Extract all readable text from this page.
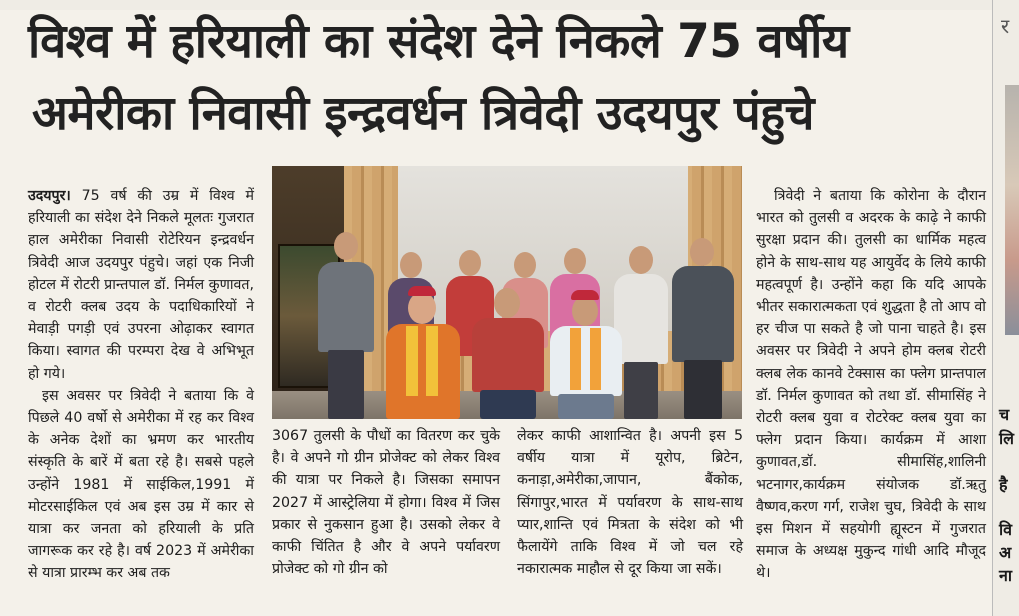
विश्व में हरियाली का संदेश देने निकले 75 वर्षीय
अमेरीका निवासी इन्द्रवर्धन त्रिवेदी उदयपुर पंहुचे

उदयपुर। 75 वर्ष की उम्र में विश्व में हरियाली का संदेश देने निकले मूलतः गुजरात हाल अमेरीका निवासी रोटेरियन इन्द्रवर्धन त्रिवेदी आज उदयपुर पंहुचे। जहां एक निजी होटल में रोटरी प्रान्तपाल डॉ. निर्मल कुणावत, व रोटरी क्लब उदय के पदाधिकारियों ने मेवाड़ी पगड़ी एवं उपरना ओढ़ाकर स्वागत किया। स्वागत की परम्परा देख वे अभिभूत हो गये।

इस अवसर पर त्रिवेदी ने बताया कि वे पिछले 40 वर्षो से अमेरीका में रह कर विश्व के अनेक देशों का भ्रमण कर भारतीय संस्कृति के बारें में बता रहे है। सबसे पहले उन्होंने 1981 में साईकिल,1991 में मोटरसाईकिल एवं अब इस उम्र में कार से यात्रा कर जनता को हरियाली के प्रति जागरूक कर रहे है। वर्ष 2023 में अमेरीका से यात्रा प्रारम्भ कर अब तक

3067 तुलसी के पौधों का वितरण कर चुके है। वे अपने गो ग्रीन प्रोजेक्ट को लेकर विश्व की यात्रा पर निकले है। जिसका समापन 2027 में आस्ट्रेलिया में होगा। विश्व में जिस प्रकार से नुकसान हुआ है। उसको लेकर वे काफी चिंतित है और वे अपने पर्यावरण प्रोजेक्ट को गो ग्रीन को
लेकर काफी आशान्वित है। अपनी इस 5 वर्षीय यात्रा में यूरोप, ब्रिटेन, कनाड़ा,अमेरीका,जापान, बैंकोक, सिंगापुर,भारत में पर्यावरण के साथ-साथ प्यार,शान्ति एवं मित्रता के संदेश को भी फैलायेंगे ताकि विश्व में जो चल रहे नकारात्मक माहौल से दूर किया जा सकें।

त्रिवेदी ने बताया कि कोरोना के दौरान भारत को तुलसी व अदरक के काढ़े ने काफी सुरक्षा प्रदान की। तुलसी का धार्मिक महत्व होने के साथ-साथ यह आयुर्वेद के लिये काफी महत्वपूर्ण है। उन्होंने कहा कि यदि आपके भीतर सकारात्मकता एवं शुद्धता है तो आप वो हर चीज पा सकते है जो पाना चाहते है। इस अवसर पर त्रिवेदी ने अपने होम क्लब रोटरी क्लब लेक कानवे टेक्सास का फ्लेग प्रान्तपाल डॉ. निर्मल कुणावत को तथा डॉ. सीमासिंह ने रोटरी क्लब युवा व रोटरेक्ट क्लब युवा का फ्लेग प्रदान किया। कार्यक्रम में आशा कुणावत,डॉ. सीमासिंह,शालिनी भटनागर,कार्यक्रम संयोजक डॉ.ऋतु वैष्णव,करण गर्ग, राजेश चुघ, त्रिवेदी के साथ इस मिशन में सहयोगी ह्यूस्टन में गुजरात समाज के अध्यक्ष मुकुन्द गांधी आदि मौजूद थे।

र
च
लि
है
वि
अ
ना
